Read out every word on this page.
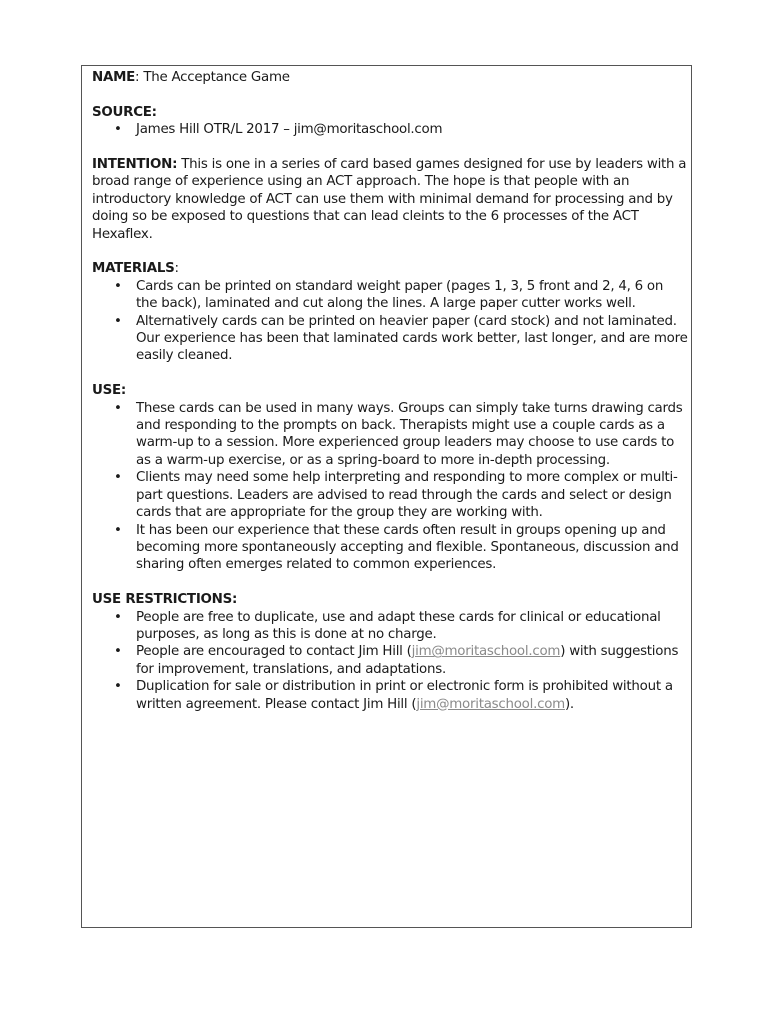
NAME: The Acceptance Game

SOURCE:

• James Hill OTR/L 2017 – jim@moritaschool.com

INTENTION: This is one in a series of card based games designed for use by leaders with a broad range of experience using an ACT approach. The hope is that people with an introductory knowledge of ACT can use them with minimal demand for processing and by doing so be exposed to questions that can lead cleints to the 6 processes of the ACT Hexaflex.

MATERIALS:

• Cards can be printed on standard weight paper (pages 1, 3, 5 front and 2, 4, 6 on the back), laminated and cut along the lines. A large paper cutter works well.
• Alternatively cards can be printed on heavier paper (card stock) and not laminated. Our experience has been that laminated cards work better, last longer, and are more easily cleaned.

USE:

• These cards can be used in many ways. Groups can simply take turns drawing cards and responding to the prompts on back. Therapists might use a couple cards as a warm-up to a session. More experienced group leaders may choose to use cards to as a warm-up exercise, or as a spring-board to more in-depth processing.
• Clients may need some help interpreting and responding to more complex or multi-part questions. Leaders are advised to read through the cards and select or design cards that are appropriate for the group they are working with.
• It has been our experience that these cards often result in groups opening up and becoming more spontaneously accepting and flexible. Spontaneous, discussion and sharing often emerges related to common experiences.

USE RESTRICTIONS:

• People are free to duplicate, use and adapt these cards for clinical or educational purposes, as long as this is done at no charge.
• People are encouraged to contact Jim Hill (jim@moritaschool.com) with suggestions for improvement, translations, and adaptations.
• Duplication for sale or distribution in print or electronic form is prohibited without a written agreement. Please contact Jim Hill (jim@moritaschool.com).
